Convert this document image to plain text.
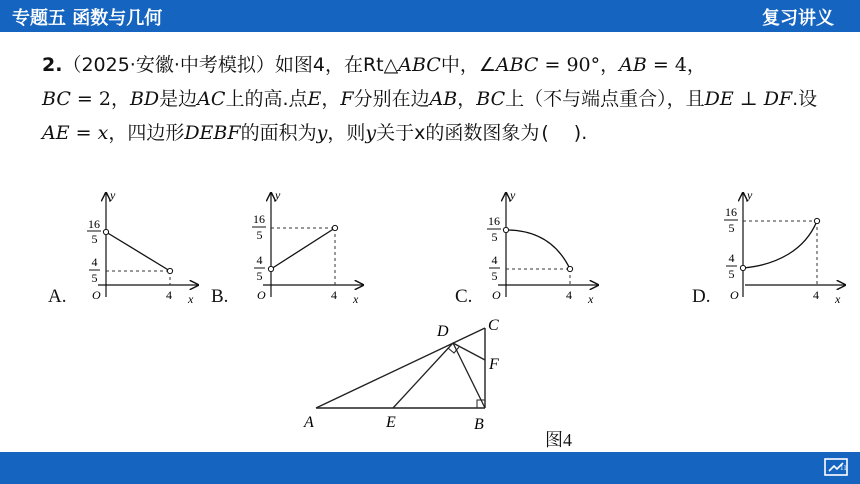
专题五 函数与几何	复习讲义
2.（2025·安徽·中考模拟）如图4，在Rt△ABC中，∠ABC = 90°，AB = 4，
BC = 2，BD是边AC上的高.点E，F分别在边AB，BC上（不与端点重合），且DE ⊥ DF.设AE = x，四边形DEBF的面积为y，则y关于x的函数图象为 (　 ).
y
x
O	4
16
5
4
5
A.
y
x
O	4
16
5
4
5
B.
y
x
O	4
16
5
4
5
C.
y
x
O	4
16
5
4
5
D.
A	B
C
D
E
F
图4
11
